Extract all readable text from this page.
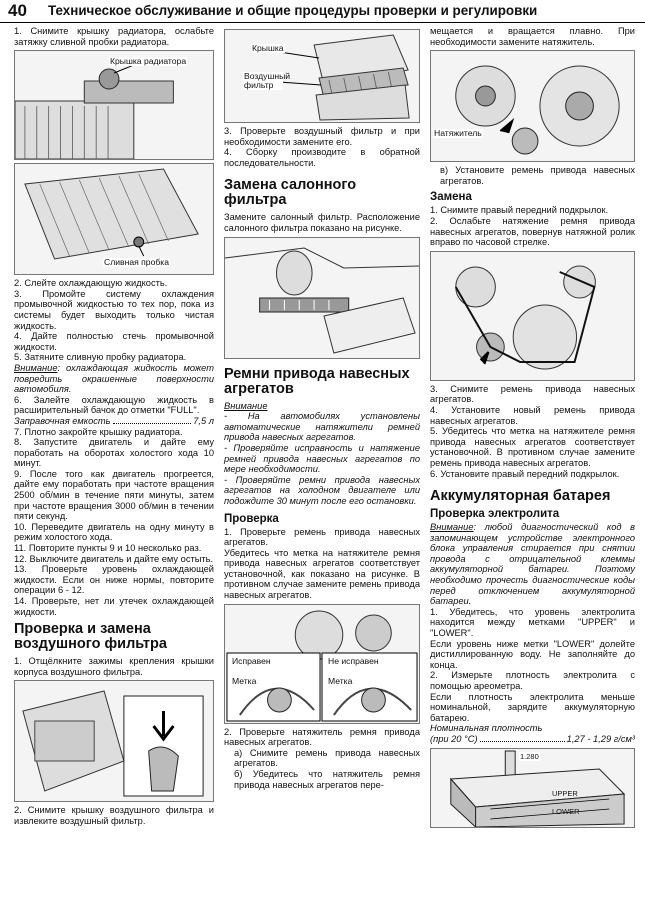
40 Техническое обслуживание и общие процедуры проверки и регулировки
1. Снимите крышку радиатора, ослабьте затяжку сливной пробки радиатора.
Крышка радиатора
Сливная пробка
2. Слейте охлаждающую жидкость.
3. Промойте систему охлаждения промывочной жидкостью то тех пор, пока из системы будет выходить только чистая жидкость.
4. Дайте полностью стечь промывочной жидкости.
5. Затяните сливную пробку радиатора.
Внимание: охлаждающая жидкость может повредить окрашенные поверхности автомобиля.
6. Залейте охлаждающую жидкость в расширительный бачок до отметки "FULL".
Заправочная емкость	7,5 л
7. Плотно закройте крышку радиатора.
8. Запустите двигатель и дайте ему поработать на оборотах холостого хода 10 минут.
9. После того как двигатель прогреется, дайте ему поработать при частоте вращения 2500 об/мин в течение пяти минуты, затем при частоте вращения 3000 об/мин в течении пяти секунд.
10. Переведите двигатель на одну минуту в режим холостого хода.
11. Повторите пункты 9 и 10 несколько раз.
12. Выключите двигатель и дайте ему остыть.
13. Проверьте уровень охлаждающей жидкости. Если он ниже нормы, повторите операции 6 - 12.
14. Проверьте, нет ли утечек охлаждающей жидкости.
Проверка и замена воздушного фильтра
1. Отщёлкните зажимы крепления крышки корпуса воздушного фильтра.
2. Снимите крышку воздушного фильтра и извлеките воздушный фильтр.
Крышка
Воздушный фильтр
3. Проверьте воздушный фильтр и при необходимости замените его.
4. Сборку производите в обратной последовательности.
Замена салонного фильтра
Замените салонный фильтр. Расположение салонного фильтра показано на рисунке.
Ремни привода навесных агрегатов
Внимание
- На автомобилях установлены автоматические натяжители ремней привода навесных агрегатов.
- Проверяйте исправность и натяжение ремней привода навесных агрегатов по мере необходимости.
- Проверяйте ремни привода навесных агрегатов на холодном двигателе или подождите 30 минут после его остановки.
Проверка
1. Проверьте ремень привода навесных агрегатов.
Убедитесь что метка на натяжителе ремня привода навесных агрегатов соответствует установочной, как показано на рисунке. В противном случае замените ремень привода навесных агрегатов.
Исправен	Не исправен
Метка	Метка
2. Проверьте натяжитель ремня привода навесных агрегатов.
а) Снимите ремень привода навесных агрегатов.
б) Убедитесь что натяжитель ремня привода навесных агрегатов пере-
мещается и вращается плавно. При необходимости замените натяжитель.
Натяжитель
в) Установите ремень привода навесных агрегатов.
Замена
1. Снимите правый передний подкрылок.
2. Ослабьте натяжение ремня привода навесных агрегатов, повернув натяжной ролик вправо по часовой стрелке.
3. Снимите ремень привода навесных агрегатов.
4. Установите новый ремень привода навесных агрегатов.
5. Убедитесь что метка на натяжителе ремня привода навесных агрегатов соответствует установочной. В противном случае замените ремень привода навесных агрегатов.
6. Установите правый передний подкрылок.
Аккумуляторная батарея
Проверка электролита
Внимание: любой диагностический код в запоминающем устройстве электронного блока управления стирается при снятии провода с отрицательной клеммы аккумуляторной батареи. Поэтому необходимо прочесть диагностические коды перед отключением аккумуляторной батареи.
1. Убедитесь, что уровень электролита находится между метками "UPPER" и "LOWER".
Если уровень ниже метки "LOWER" долейте дистиллированную воду. Не заполняйте до конца.
2. Измерьте плотность электролита с помощью ареометра.
Если плотность электролита меньше номинальной, зарядите аккумуляторную батарею.
Номинальная плотность
(при 20 °С)	1,27 - 1,29 г/см³
1.280
UPPER
LOWER
